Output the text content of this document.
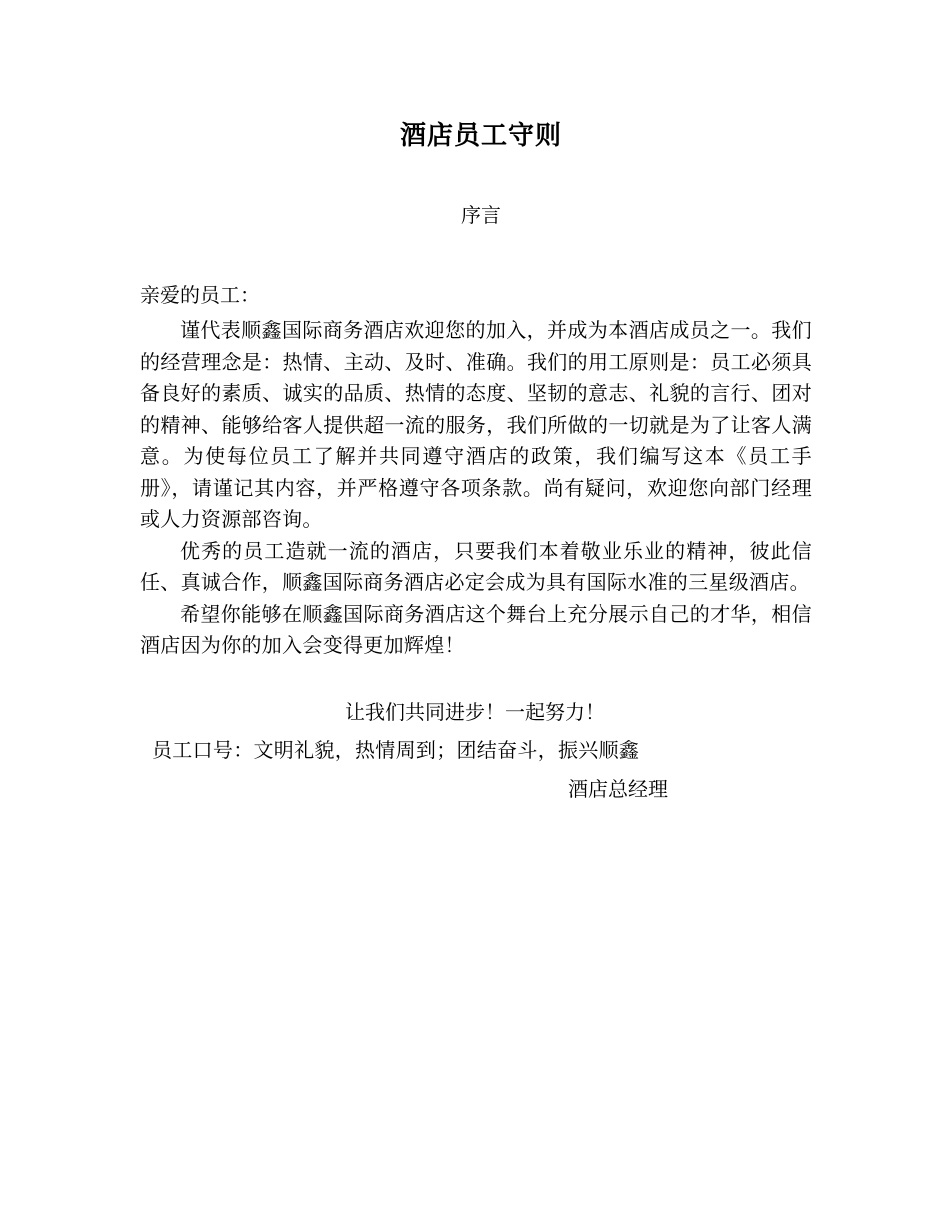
酒店员工守则
序言
亲爱的员工：

谨代表顺鑫国际商务酒店欢迎您的加入，并成为本酒店成员之一。我们的经营理念是：热情、主动、及时、准确。我们的用工原则是：员工必须具备良好的素质、诚实的品质、热情的态度、坚韧的意志、礼貌的言行、团对的精神、能够给客人提供超一流的服务，我们所做的一切就是为了让客人满意。为使每位员工了解并共同遵守酒店的政策，我们编写这本《员工手册》，请谨记其内容，并严格遵守各项条款。尚有疑问，欢迎您向部门经理或人力资源部咨询。

优秀的员工造就一流的酒店，只要我们本着敬业乐业的精神，彼此信任、真诚合作，顺鑫国际商务酒店必定会成为具有国际水准的三星级酒店。

希望你能够在顺鑫国际商务酒店这个舞台上充分展示自己的才华，相信酒店因为你的加入会变得更加辉煌！

让我们共同进步！一起努力！
员工口号：文明礼貌，热情周到；团结奋斗，振兴顺鑫
酒店总经理
